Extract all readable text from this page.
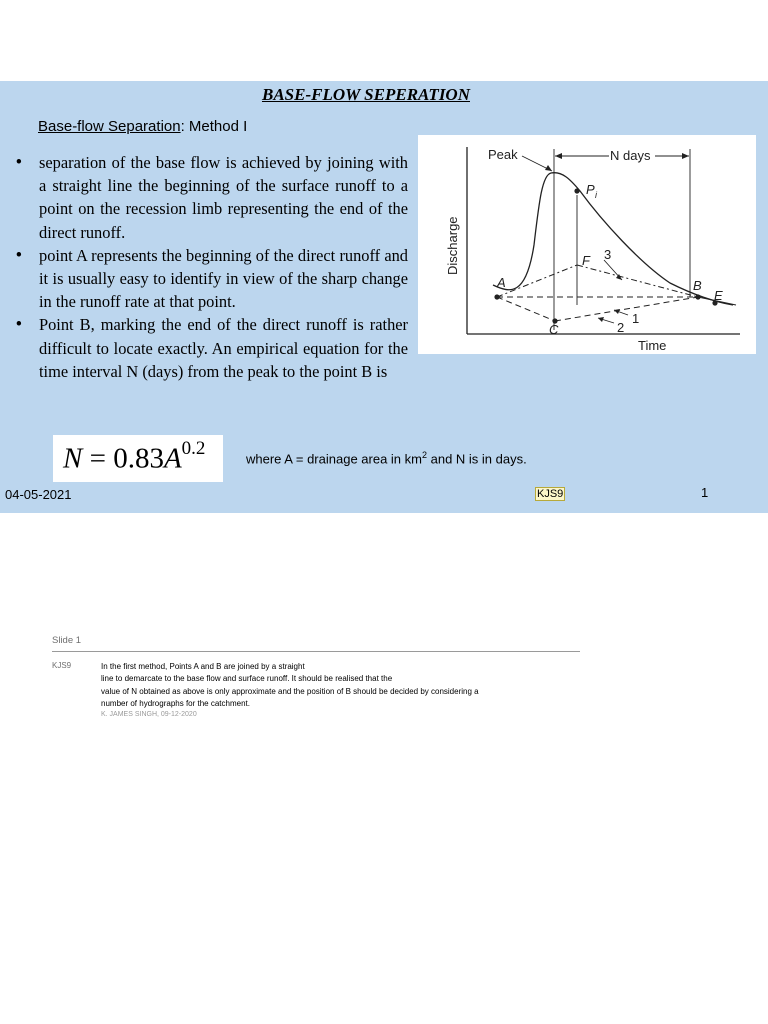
BASE-FLOW SEPERATION
Base-flow Separation: Method I
• separation of the base flow is achieved by joining with a straight line the beginning of the surface runoff to a point on the recession limb representing the end of the direct runoff.
• point A represents the beginning of the direct runoff and it is usually easy to identify in view of the sharp change in the runoff rate at that point.
• Point B, marking the end of the direct runoff is rather difficult to locate exactly. An empirical equation for the time interval N (days) from the peak to the point B is
Peak	N days
Time
Discharge
A	B
C
E
F
P i
3
1
2
$N = 0.83A^{0.2}$	where A = drainage area in $km^2$ and N is in days.
04-05-2021	KJS9	1
Slide 1
KJS9	In the first method, Points A and B are joined by a straight
line to demarcate to the base flow and surface runoff. It should be realised that the
value of N obtained as above is only approximate and the position of B should be decided by considering a
number of hydrographs for the catchment.
K. JAMES SINGH, 09-12-2020
